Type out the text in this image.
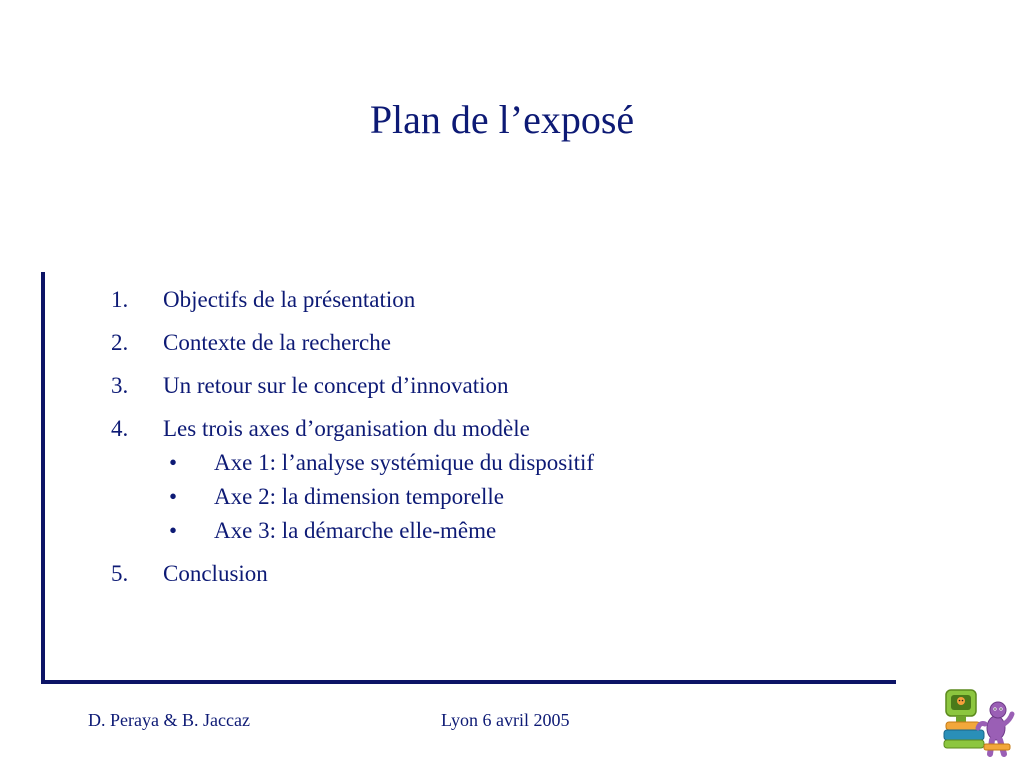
Plan de l’exposé
1. Objectifs de la présentation
2. Contexte de la recherche
3. Un retour sur le concept d’innovation
4. Les trois axes d’organisation du modèle
• Axe 1: l’analyse systémique du dispositif
• Axe 2: la dimension temporelle
• Axe 3: la démarche elle-même
5. Conclusion
D. Peraya & B. Jaccaz	Lyon 6 avril 2005
